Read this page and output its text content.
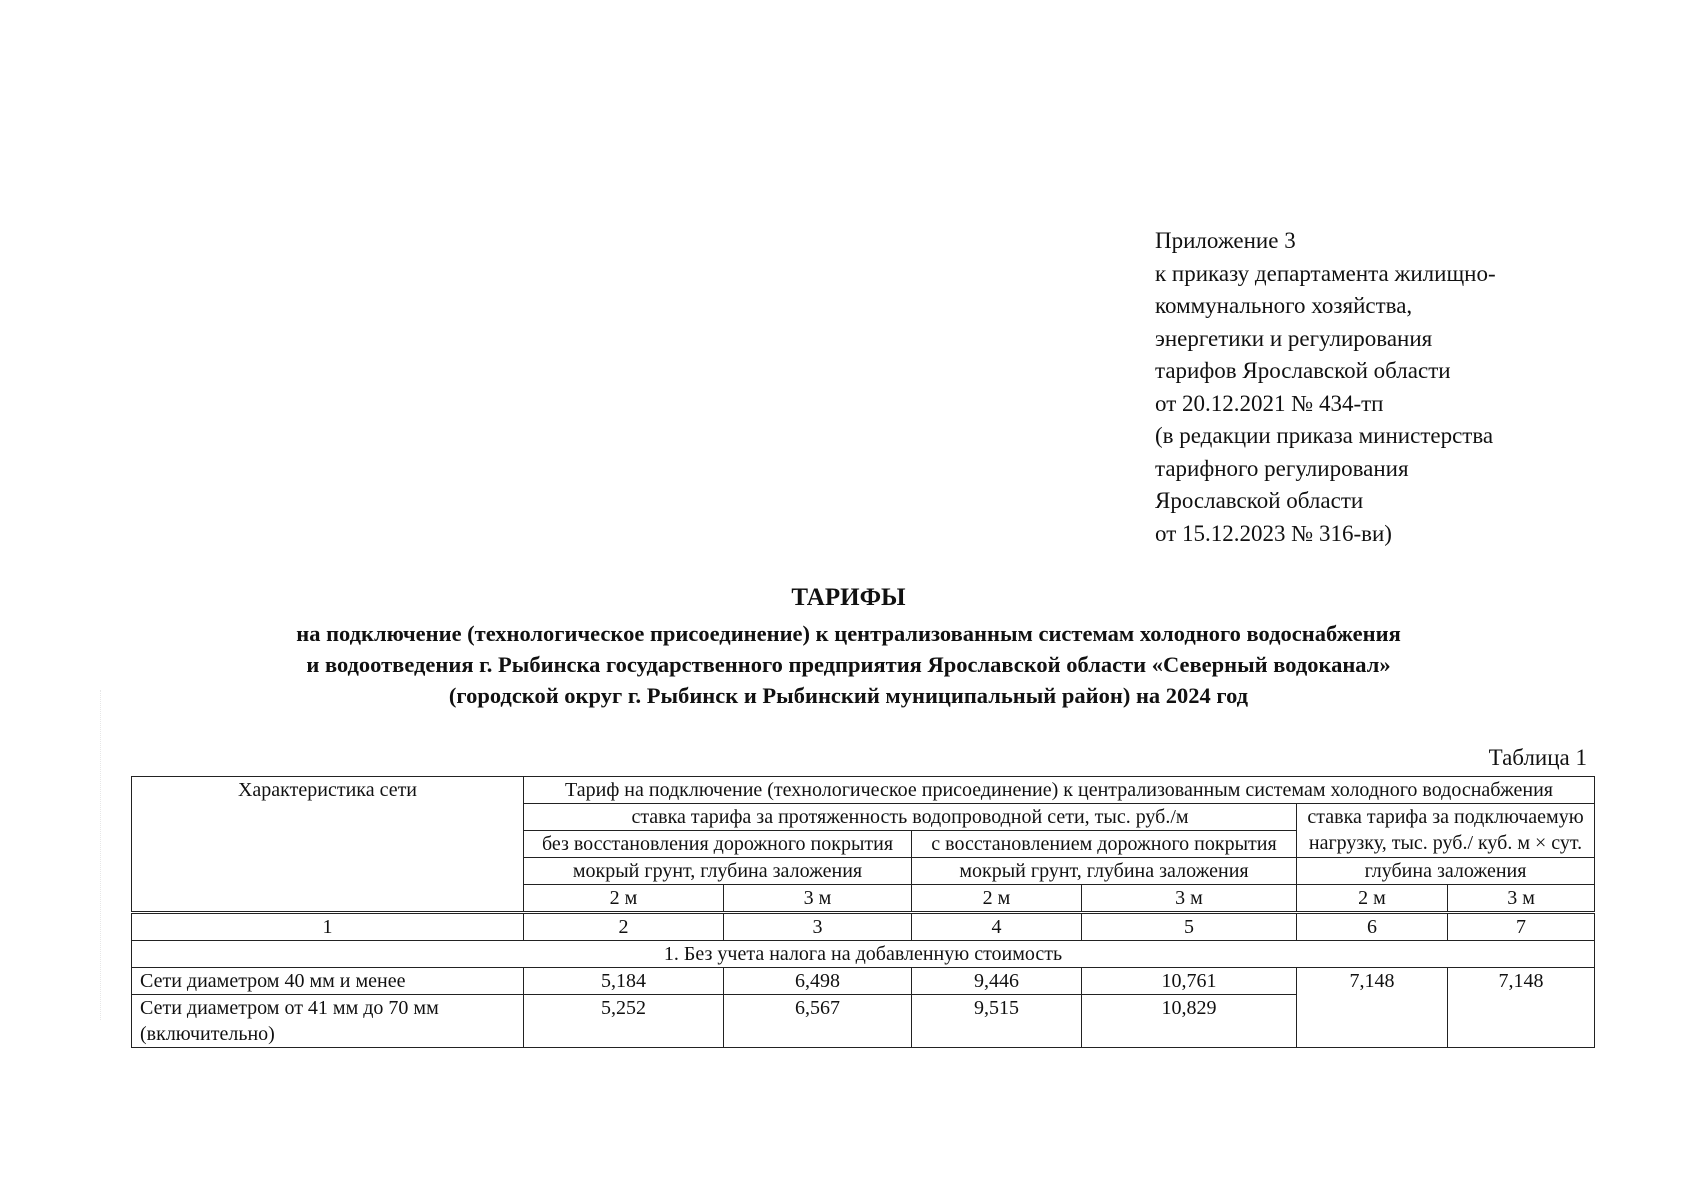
Приложение 3
к приказу департамента жилищно-
коммунального хозяйства,
энергетики и регулирования
тарифов Ярославской области
от 20.12.2021 № 434-тп
(в редакции приказа министерства
тарифного регулирования
Ярославской области
от 15.12.2023 № 316-ви)
ТАРИФЫ
на подключение (технологическое присоединение) к централизованным системам холодного водоснабжения
и водоотведения г. Рыбинска государственного предприятия Ярославской области «Северный водоканал»
(городской округ г. Рыбинск и Рыбинский муниципальный район) на 2024 год
Таблица 1
Характеристика сети	Тариф на подключение (технологическое присоединение) к централизованным системам холодного водоснабжения					
	ставка тарифа за протяженность водопроводной сети, тыс. руб./м				ставка тарифа за подключаемую нагрузку, тыс. руб./ куб. м × сут.	
	без восстановления дорожного покрытия		с восстановлением дорожного покрытия			
	мокрый грунт, глубина заложения		мокрый грунт, глубина заложения		глубина заложения	
	2 м	3 м	2 м	3 м	2 м	3 м
1	2	3	4	5	6	7
1. Без учета налога на добавленную стоимость						
Сети диаметром 40 мм и менее	5,184	6,498	9,446	10,761	7,148	7,148
Сети диаметром от 41 мм до 70 мм (включительно)	5,252	6,567	9,515	10,829		
